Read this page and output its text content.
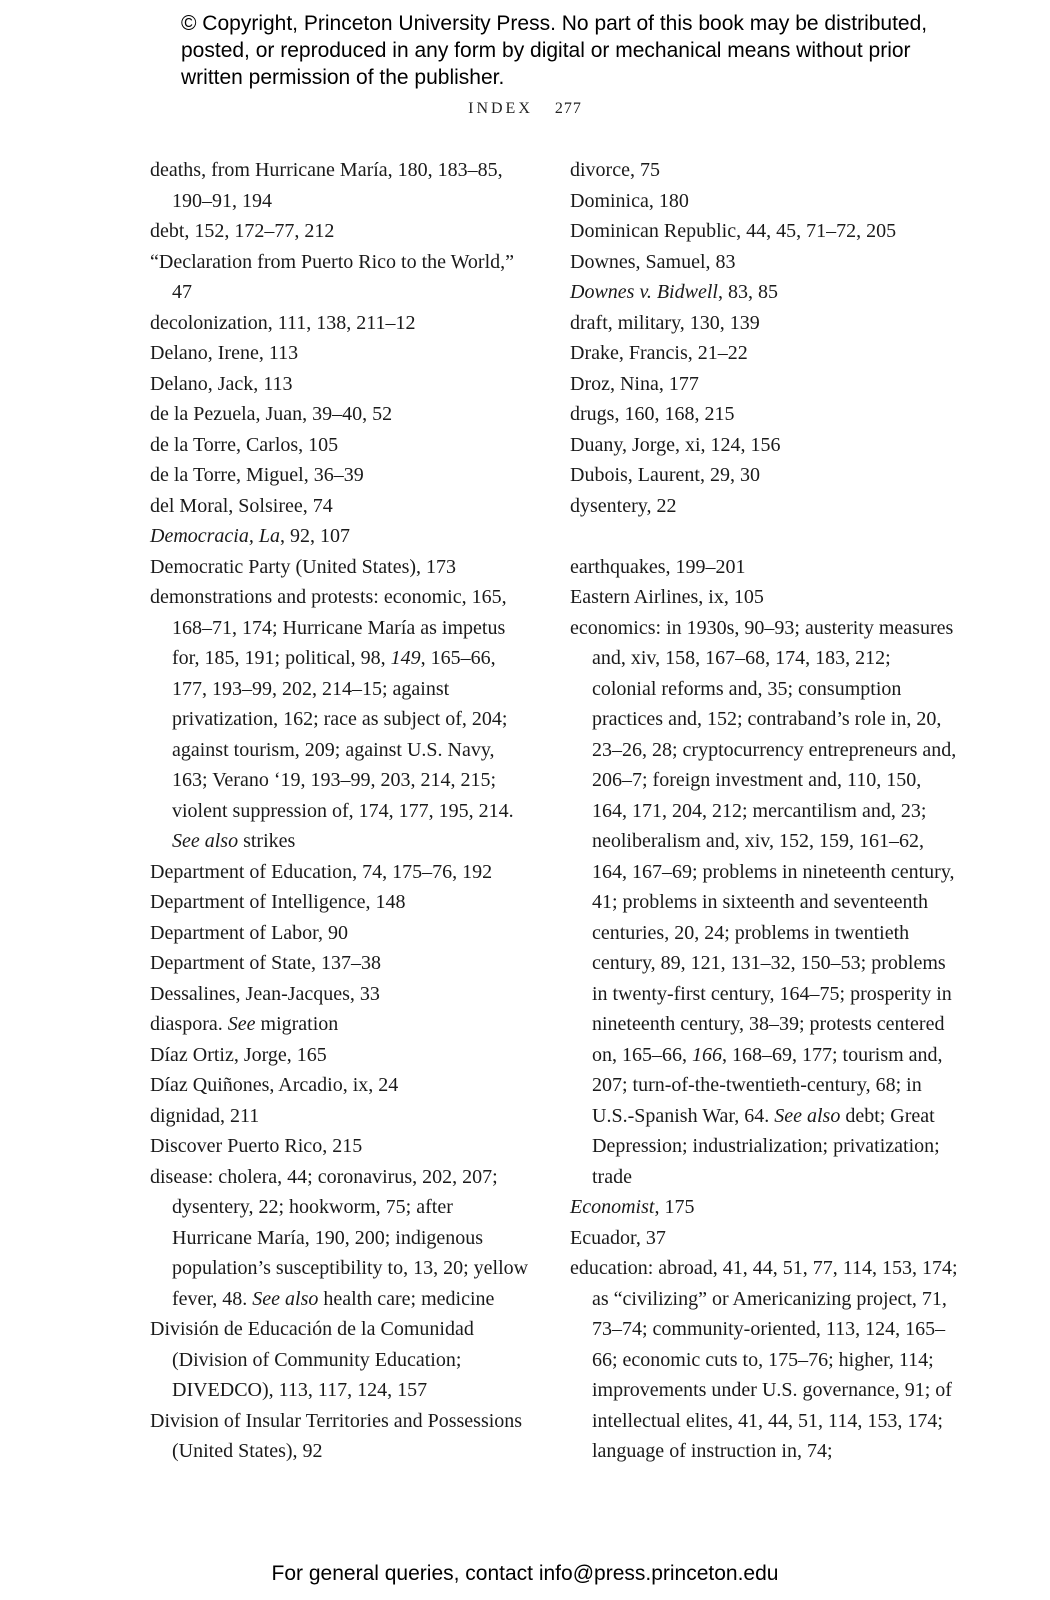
© Copyright, Princeton University Press. No part of this book may be distributed, posted, or reproduced in any form by digital or mechanical means without prior written permission of the publisher.
INDEX 277
deaths, from Hurricane María, 180, 183–85, 190–91, 194
debt, 152, 172–77, 212
“Declaration from Puerto Rico to the World,” 47
decolonization, 111, 138, 211–12
Delano, Irene, 113
Delano, Jack, 113
de la Pezuela, Juan, 39–40, 52
de la Torre, Carlos, 105
de la Torre, Miguel, 36–39
del Moral, Solsiree, 74
Democracia, La, 92, 107
Democratic Party (United States), 173
demonstrations and protests: economic, 165, 168–71, 174; Hurricane María as impetus for, 185, 191; political, 98, 149, 165–66, 177, 193–99, 202, 214–15; against privatization, 162; race as subject of, 204; against tourism, 209; against U.S. Navy, 163; Verano ‘19, 193–99, 203, 214, 215; violent suppression of, 174, 177, 195, 214. See also strikes
Department of Education, 74, 175–76, 192
Department of Intelligence, 148
Department of Labor, 90
Department of State, 137–38
Dessalines, Jean-Jacques, 33
diaspora. See migration
Díaz Ortiz, Jorge, 165
Díaz Quiñones, Arcadio, ix, 24
dignidad, 211
Discover Puerto Rico, 215
disease: cholera, 44; coronavirus, 202, 207; dysentery, 22; hookworm, 75; after Hurricane María, 190, 200; indigenous population’s susceptibility to, 13, 20; yellow fever, 48. See also health care; medicine
División de Educación de la Comunidad (Division of Community Education; DIVEDCO), 113, 117, 124, 157
Division of Insular Territories and Possessions (United States), 92
divorce, 75
Dominica, 180
Dominican Republic, 44, 45, 71–72, 205
Downes, Samuel, 83
Downes v. Bidwell, 83, 85
draft, military, 130, 139
Drake, Francis, 21–22
Droz, Nina, 177
drugs, 160, 168, 215
Duany, Jorge, xi, 124, 156
Dubois, Laurent, 29, 30
dysentery, 22
earthquakes, 199–201
Eastern Airlines, ix, 105
economics: in 1930s, 90–93; austerity measures and, xiv, 158, 167–68, 174, 183, 212; colonial reforms and, 35; consumption practices and, 152; contraband’s role in, 20, 23–26, 28; cryptocurrency entrepreneurs and, 206–7; foreign investment and, 110, 150, 164, 171, 204, 212; mercantilism and, 23; neoliberalism and, xiv, 152, 159, 161–62, 164, 167–69; problems in nineteenth century, 41; problems in sixteenth and seventeenth centuries, 20, 24; problems in twentieth century, 89, 121, 131–32, 150–53; problems in twenty-first century, 164–75; prosperity in nineteenth century, 38–39; protests centered on, 165–66, 166, 168–69, 177; tourism and, 207; turn-of-the-twentieth-century, 68; in U.S.-Spanish War, 64. See also debt; Great Depression; industrialization; privatization; trade
Economist, 175
Ecuador, 37
education: abroad, 41, 44, 51, 77, 114, 153, 174; as “civilizing” or Americanizing project, 71, 73–74; community-oriented, 113, 124, 165–66; economic cuts to, 175–76; higher, 114; improvements under U.S. governance, 91; of intellectual elites, 41, 44, 51, 114, 153, 174; language of instruction in, 74;
For general queries, contact info@press.princeton.edu
